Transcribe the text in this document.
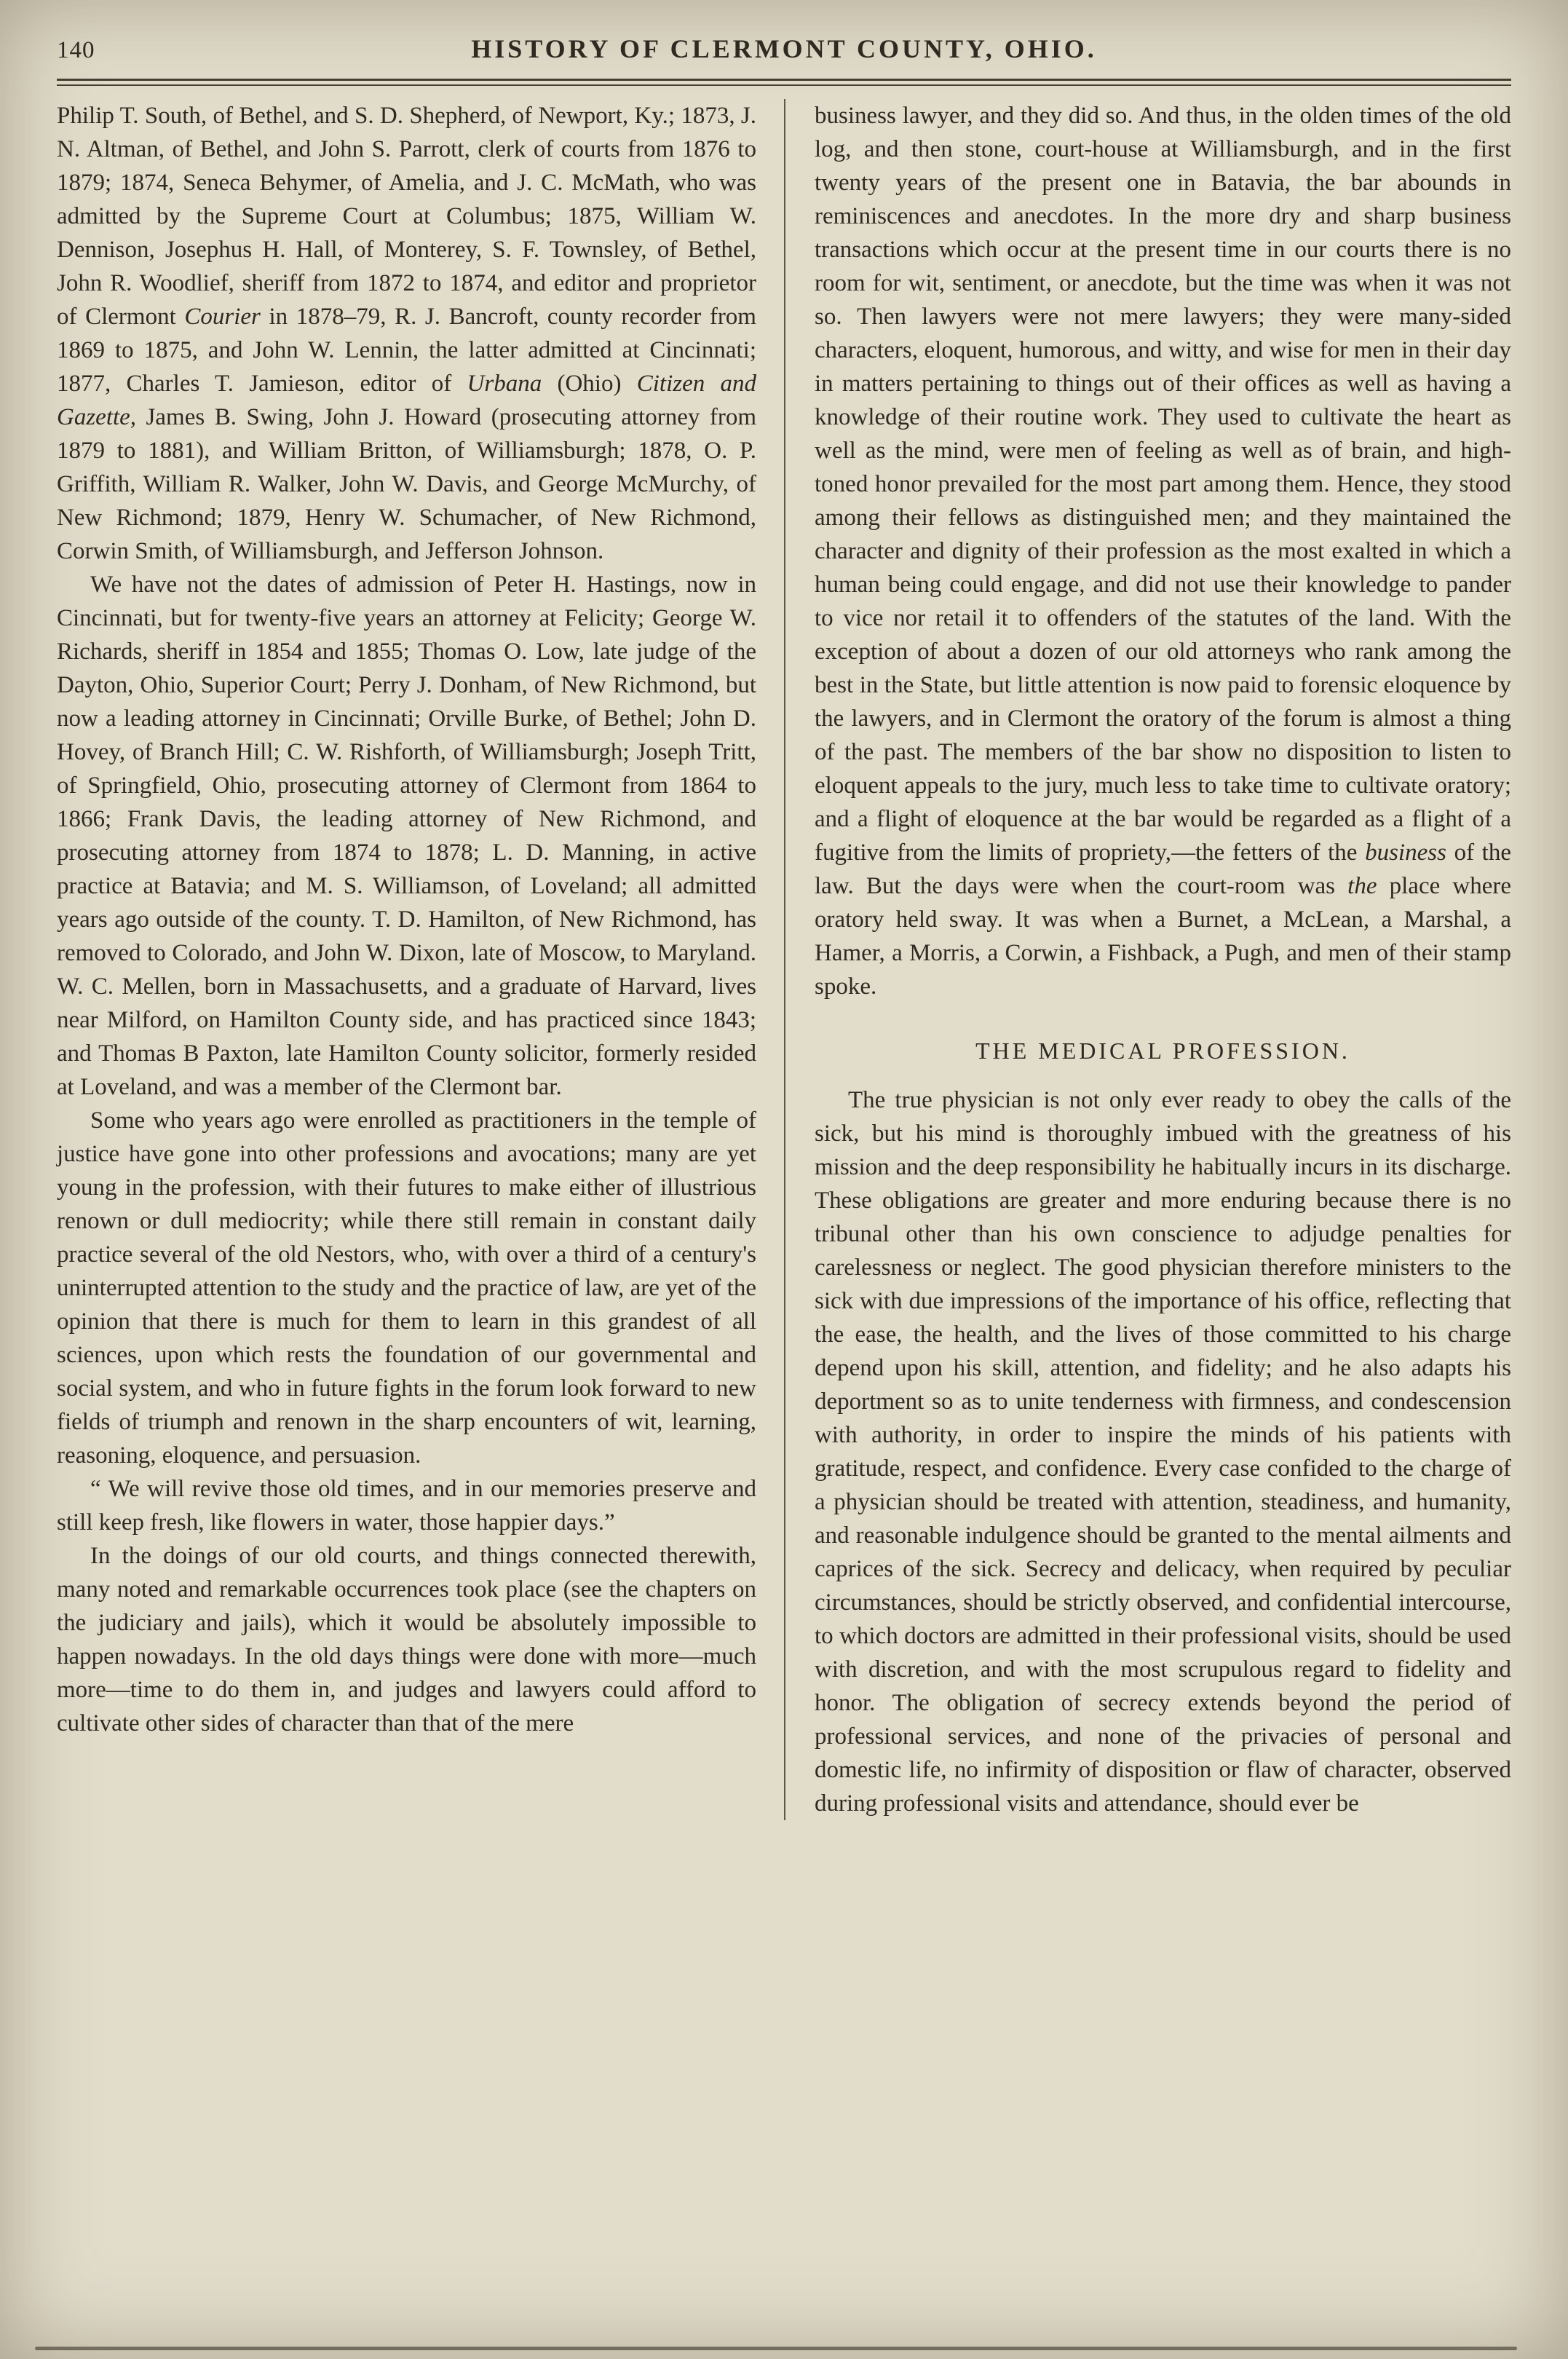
140	HISTORY OF CLERMONT COUNTY, OHIO.

Philip T. South, of Bethel, and S. D. Shepherd, of Newport, Ky.; 1873, J. N. Altman, of Bethel, and John S. Parrott, clerk of courts from 1876 to 1879; 1874, Seneca Behymer, of Amelia, and J. C. McMath, who was admitted by the Supreme Court at Columbus; 1875, William W. Dennison, Josephus H. Hall, of Monterey, S. F. Townsley, of Bethel, John R. Woodlief, sheriff from 1872 to 1874, and editor and proprietor of Clermont Courier in 1878–79, R. J. Bancroft, county recorder from 1869 to 1875, and John W. Lennin, the latter admitted at Cincinnati; 1877, Charles T. Jamieson, editor of Urbana (Ohio) Citizen and Gazette, James B. Swing, John J. Howard (prosecuting attorney from 1879 to 1881), and William Britton, of Williamsburgh; 1878, O. P. Griffith, William R. Walker, John W. Davis, and George McMurchy, of New Richmond; 1879, Henry W. Schumacher, of New Richmond, Corwin Smith, of Williamsburgh, and Jefferson Johnson.

We have not the dates of admission of Peter H. Hastings, now in Cincinnati, but for twenty-five years an attorney at Felicity; George W. Richards, sheriff in 1854 and 1855; Thomas O. Low, late judge of the Dayton, Ohio, Superior Court; Perry J. Donham, of New Richmond, but now a leading attorney in Cincinnati; Orville Burke, of Bethel; John D. Hovey, of Branch Hill; C. W. Rishforth, of Williamsburgh; Joseph Tritt, of Springfield, Ohio, prosecuting attorney of Clermont from 1864 to 1866; Frank Davis, the leading attorney of New Richmond, and prosecuting attorney from 1874 to 1878; L. D. Manning, in active practice at Batavia; and M. S. Williamson, of Loveland; all admitted years ago outside of the county. T. D. Hamilton, of New Richmond, has removed to Colorado, and John W. Dixon, late of Moscow, to Maryland. W. C. Mellen, born in Massachusetts, and a graduate of Harvard, lives near Milford, on Hamilton County side, and has practiced since 1843; and Thomas B Paxton, late Hamilton County solicitor, formerly resided at Loveland, and was a member of the Clermont bar.

Some who years ago were enrolled as practitioners in the temple of justice have gone into other professions and avocations; many are yet young in the profession, with their futures to make either of illustrious renown or dull mediocrity; while there still remain in constant daily practice several of the old Nestors, who, with over a third of a century's uninterrupted attention to the study and the practice of law, are yet of the opinion that there is much for them to learn in this grandest of all sciences, upon which rests the foundation of our governmental and social system, and who in future fights in the forum look forward to new fields of triumph and renown in the sharp encounters of wit, learning, reasoning, eloquence, and persuasion.

“ We will revive those old times, and in our memories preserve and still keep fresh, like flowers in water, those happier days.”

In the doings of our old courts, and things connected therewith, many noted and remarkable occurrences took place (see the chapters on the judiciary and jails), which it would be absolutely impossible to happen nowadays. In the old days things were done with more—much more—time to do them in, and judges and lawyers could afford to cultivate other sides of character than that of the mere

business lawyer, and they did so. And thus, in the olden times of the old log, and then stone, court-house at Williamsburgh, and in the first twenty years of the present one in Batavia, the bar abounds in reminiscences and anecdotes. In the more dry and sharp business transactions which occur at the present time in our courts there is no room for wit, sentiment, or anecdote, but the time was when it was not so. Then lawyers were not mere lawyers; they were many-sided characters, eloquent, humorous, and witty, and wise for men in their day in matters pertaining to things out of their offices as well as having a knowledge of their routine work. They used to cultivate the heart as well as the mind, were men of feeling as well as of brain, and high-toned honor prevailed for the most part among them. Hence, they stood among their fellows as distinguished men; and they maintained the character and dignity of their profession as the most exalted in which a human being could engage, and did not use their knowledge to pander to vice nor retail it to offenders of the statutes of the land. With the exception of about a dozen of our old attorneys who rank among the best in the State, but little attention is now paid to forensic eloquence by the lawyers, and in Clermont the oratory of the forum is almost a thing of the past. The members of the bar show no disposition to listen to eloquent appeals to the jury, much less to take time to cultivate oratory; and a flight of eloquence at the bar would be regarded as a flight of a fugitive from the limits of propriety,—the fetters of the business of the law. But the days were when the court-room was the place where oratory held sway. It was when a Burnet, a McLean, a Marshal, a Hamer, a Morris, a Corwin, a Fishback, a Pugh, and men of their stamp spoke.

THE MEDICAL PROFESSION.

The true physician is not only ever ready to obey the calls of the sick, but his mind is thoroughly imbued with the greatness of his mission and the deep responsibility he habitually incurs in its discharge. These obligations are greater and more enduring because there is no tribunal other than his own conscience to adjudge penalties for carelessness or neglect. The good physician therefore ministers to the sick with due impressions of the importance of his office, reflecting that the ease, the health, and the lives of those committed to his charge depend upon his skill, attention, and fidelity; and he also adapts his deportment so as to unite tenderness with firmness, and condescension with authority, in order to inspire the minds of his patients with gratitude, respect, and confidence. Every case confided to the charge of a physician should be treated with attention, steadiness, and humanity, and reasonable indulgence should be granted to the mental ailments and caprices of the sick. Secrecy and delicacy, when required by peculiar circumstances, should be strictly observed, and confidential intercourse, to which doctors are admitted in their professional visits, should be used with discretion, and with the most scrupulous regard to fidelity and honor. The obligation of secrecy extends beyond the period of professional services, and none of the privacies of personal and domestic life, no infirmity of disposition or flaw of character, observed during professional visits and attendance, should ever be
